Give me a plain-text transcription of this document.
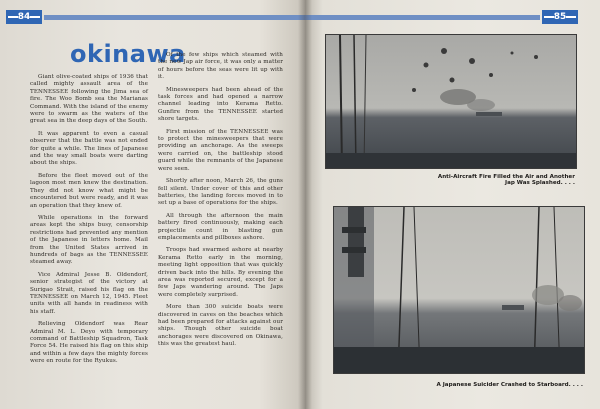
84
okinawa

Giant olive-coated ships of 1936 that called mighty assault area of the TENNESSEE following the Jima sea of fire. The Woo Bomb sea the Marianas Command. With the island of the enemy were to swarm as the waters of the great sea in the deep days of the South.

It was apparent to even a casual observer that the battle was not ended for quite a while. The lines of Japanese and the way small boats were darting about the ships.

Before the fleet moved out of the lagoon most men knew the destination. They did not know what might be encountered but were ready, and it was an operation that they knew of.

While operations in the forward areas kept the ships busy, censorship restrictions had prevented any mention of the Japanese in letters home. Mail from the United States arrived in hundreds of bags as the TENNESSEE steamed away.

Vice Admiral Jesse B. Oldendorf, senior strategist of the victory at Surigao Strait, raised his flag on the TENNESSEE on March 12, 1945. Fleet units with all hands in readiness with his staff.

Relieving Oldendorf was Rear Admiral M. L. Deyo with temporary command of Battleship Squadron, Task Force 54. He raised his flag on this ship and within a few days the mighty forces were en route for the Ryukus.

Of the few ships which steamed with the new Jap air force, it was only a matter of hours before the seas were lit up with it.

Minesweepers had been ahead of the task forces and had opened a narrow channel leading into Kerama Retto. Gunfire from the TENNESSEE started shore targets.

First mission of the TENNESSEE was to protect the minesweepers that were providing an anchorage. As the sweeps were carried on, the battleship stood guard while the remnants of the Japanese were seen.

Shortly after noon, March 26, the guns fell silent. Under cover of this and other batteries, the landing forces moved in to set up a base of operations for the ships.

All through the afternoon the main battery fired continuously, making each projectile count in blasting gun emplacements and pillboxes ashore.

Troops had swarmed ashore at nearby Kerama Retto early in the morning, meeting light opposition that was quickly driven back into the hills. By evening the area was reported secured, except for a few Japs wandering around. The Japs were completely surprised.

More than 300 suicide boats were discovered in caves on the beaches which had been prepared for attacks against our ships. Though other suicide boat anchorages were discovered on Okinawa, this was the greatest haul.

85
Anti-Aircraft Fire Filled the Air and Another Jap Was Splashed. . . .
A Japanese Suicider Crashed to Starboard. . . .
